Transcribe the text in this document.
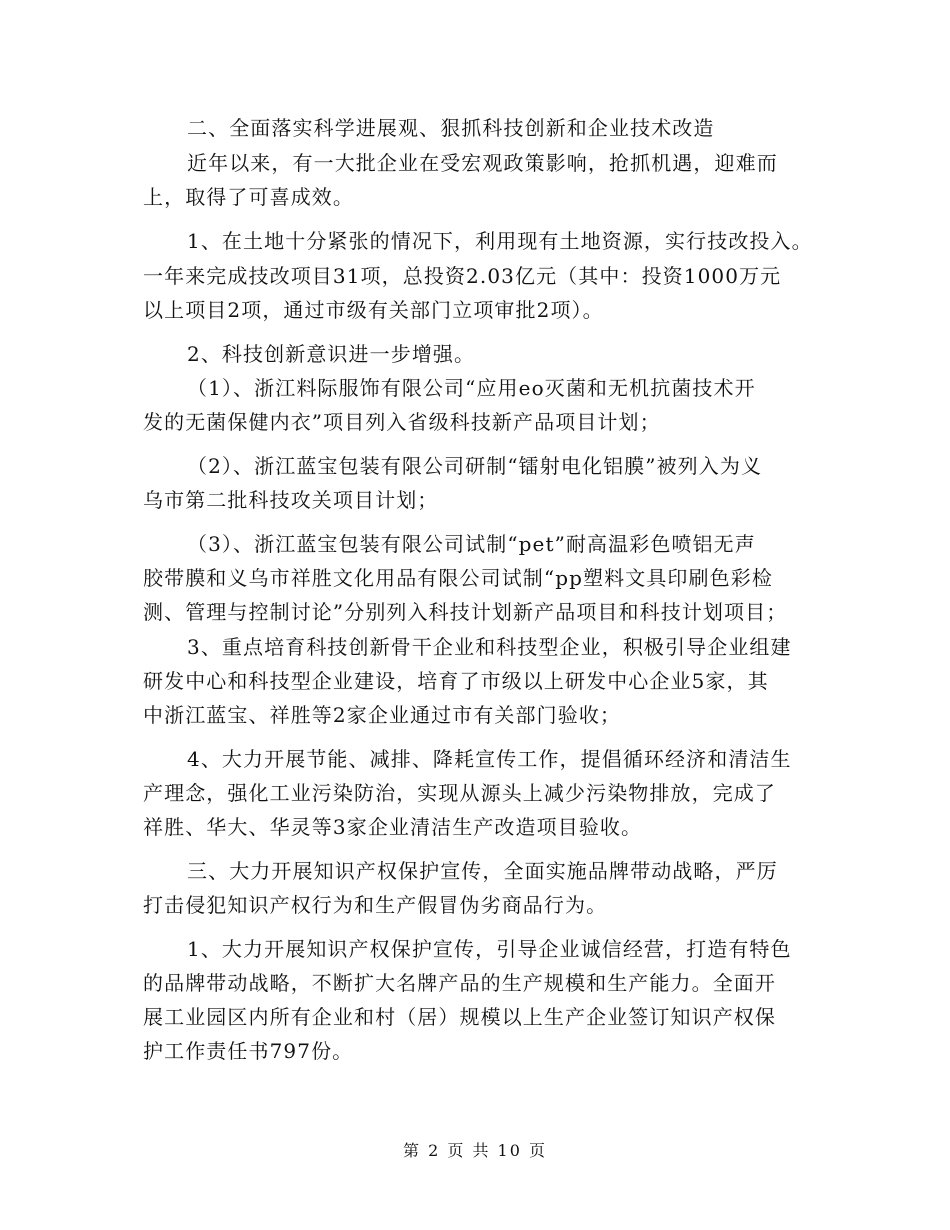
二、全面落实科学进展观、狠抓科技创新和企业技术改造
近年以来，有一大批企业在受宏观政策影响，抢抓机遇，迎难而
上，取得了可喜成效。
1、在土地十分紧张的情况下，利用现有土地资源，实行技改投入。
一年来完成技改项目31项，总投资2.03亿元（其中：投资1000万元
以上项目2项，通过市级有关部门立项审批2项）。
2、科技创新意识进一步增强。
（1）、浙江料际服饰有限公司“应用eo灭菌和无机抗菌技术开
发的无菌保健内衣”项目列入省级科技新产品项目计划；
（2）、浙江蓝宝包装有限公司研制“镭射电化铝膜”被列入为义
乌市第二批科技攻关项目计划；
（3）、浙江蓝宝包装有限公司试制“pet”耐高温彩色喷铝无声
胶带膜和义乌市祥胜文化用品有限公司试制“pp塑料文具印刷色彩检
测、管理与控制讨论”分别列入科技计划新产品项目和科技计划项目；
3、重点培育科技创新骨干企业和科技型企业，积极引导企业组建
研发中心和科技型企业建设，培育了市级以上研发中心企业5家，其
中浙江蓝宝、祥胜等2家企业通过市有关部门验收；
4、大力开展节能、减排、降耗宣传工作，提倡循环经济和清洁生
产理念，强化工业污染防治，实现从源头上减少污染物排放，完成了
祥胜、华大、华灵等3家企业清洁生产改造项目验收。
三、大力开展知识产权保护宣传，全面实施品牌带动战略，严厉
打击侵犯知识产权行为和生产假冒伪劣商品行为。
1、大力开展知识产权保护宣传，引导企业诚信经营，打造有特色
的品牌带动战略，不断扩大名牌产品的生产规模和生产能力。全面开
展工业园区内所有企业和村（居）规模以上生产企业签订知识产权保
护工作责任书797份。
第 2 页 共 10 页
